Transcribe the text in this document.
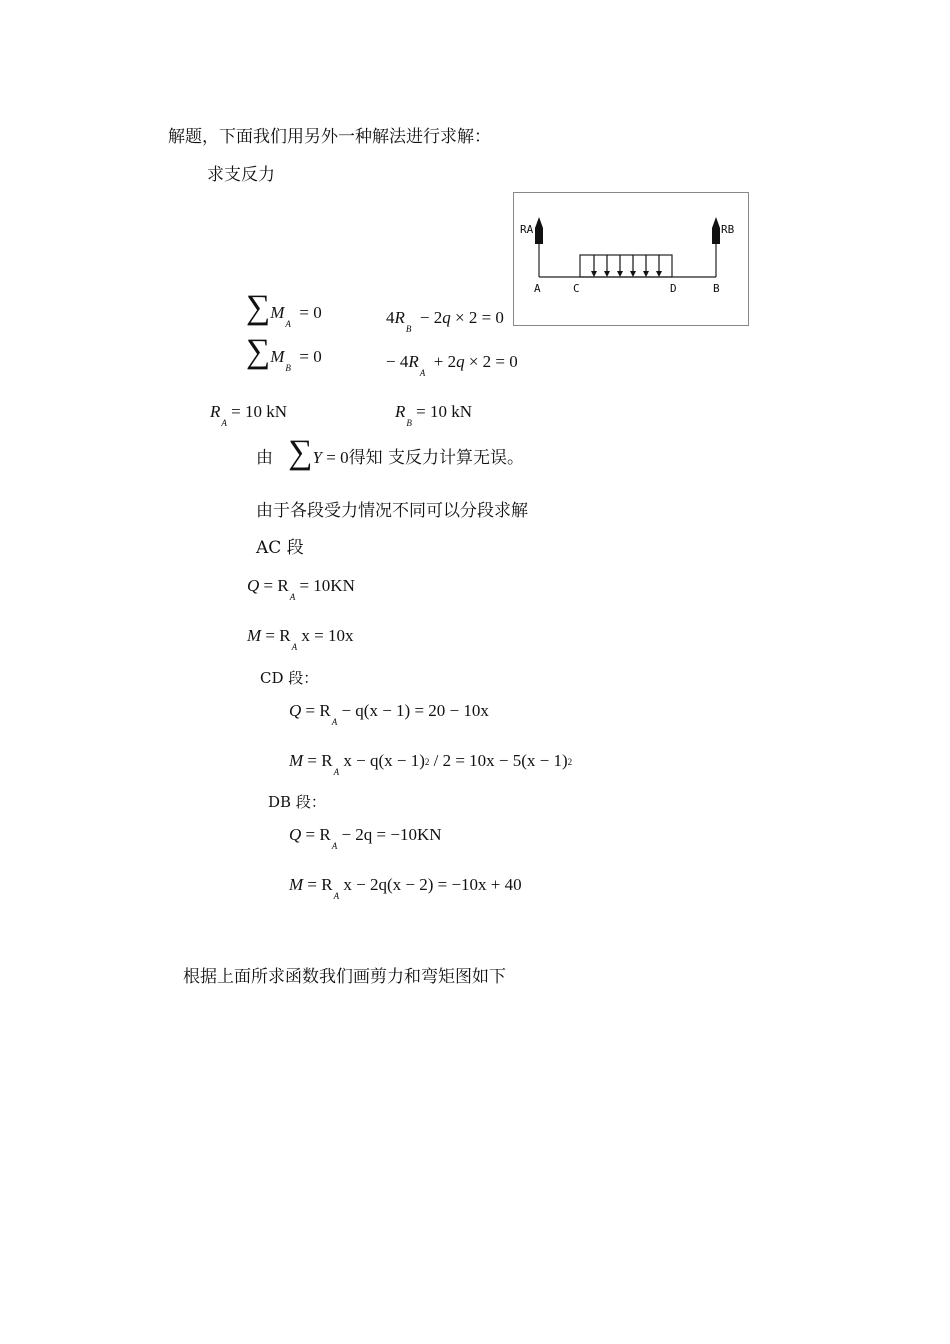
解题，下面我们用另外一种解法进行求解：
求支反力
RA	RB
A	C	D	B
$\sum M_A = 0$	$4R_B - 2q \times 2 = 0$
$\sum M_B = 0$	− $4R_A + 2q \times 2 = 0$
$R_A = 10$ kN	$R_B = 10$ kN
由 ∑Y = 0得知 支反力计算无误。
由于各段受力情况不同可以分段求解
AC 段
$Q = R_A = 10KN$
$M = R_A$ x = 10x
CD 段：
$Q = R_A - q(x - 1) = 20 - 10x$
$M = R_A$ x − q(x − 1)2 / 2 = 10x − 5(x − 1)2
DB 段：
$Q = R_A - 2q = -10KN$
$M = R_A$ x − 2q(x − 2) = −10x + 40
根据上面所求函数我们画剪力和弯矩图如下
